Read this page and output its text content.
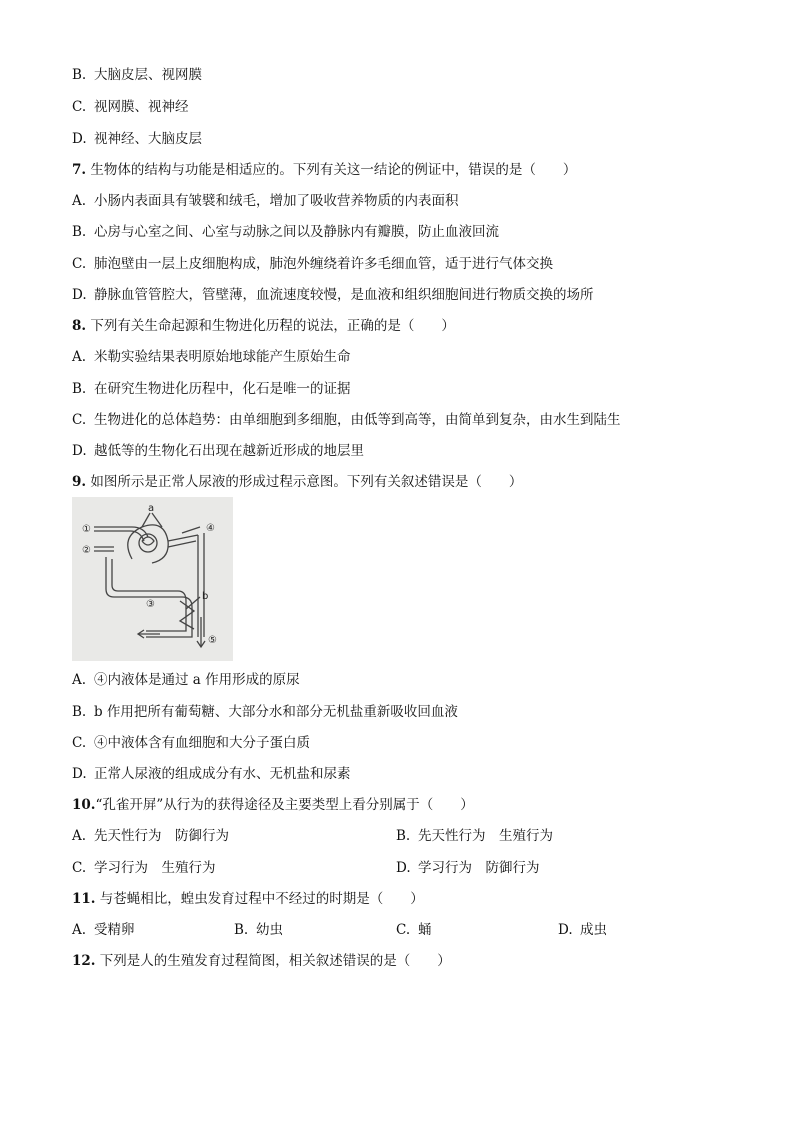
B. 大脑皮层、视网膜
C. 视网膜、视神经
D. 视神经、大脑皮层
7. 生物体的结构与功能是相适应的。下列有关这一结论的例证中，错误的是（　　）
A. 小肠内表面具有皱襞和绒毛，增加了吸收营养物质的内表面积
B. 心房与心室之间、心室与动脉之间以及静脉内有瓣膜，防止血液回流
C. 肺泡壁由一层上皮细胞构成，肺泡外缠绕着许多毛细血管，适于进行气体交换
D. 静脉血管管腔大，管壁薄，血流速度较慢，是血液和组织细胞间进行物质交换的场所
8. 下列有关生命起源和生物进化历程的说法，正确的是（　　）
A. 米勒实验结果表明原始地球能产生原始生命
B. 在研究生物进化历程中，化石是唯一的证据
C. 生物进化的总体趋势：由单细胞到多细胞，由低等到高等，由简单到复杂，由水生到陆生
D. 越低等的生物化石出现在越新近形成的地层里
9. 如图所示是正常人尿液的形成过程示意图。下列有关叙述错误是（　　）
①
②
a
④
b
③
⑤
A. ④内液体是通过 a 作用形成的原尿
B. b 作用把所有葡萄糖、大部分水和部分无机盐重新吸收回血液
C. ④中液体含有血细胞和大分子蛋白质
D. 正常人尿液的组成成分有水、无机盐和尿素
10.“孔雀开屏”从行为的获得途径及主要类型上看分别属于（　　）
A. 先天性行为　防御行为	B. 先天性行为　生殖行为
C. 学习行为　生殖行为	D. 学习行为　防御行为
11. 与苍蝇相比，蝗虫发育过程中不经过的时期是（　　）
A. 受精卵	B. 幼虫	C. 蛹	D. 成虫
12. 下列是人的生殖发育过程简图，相关叙述错误的是（　　）
